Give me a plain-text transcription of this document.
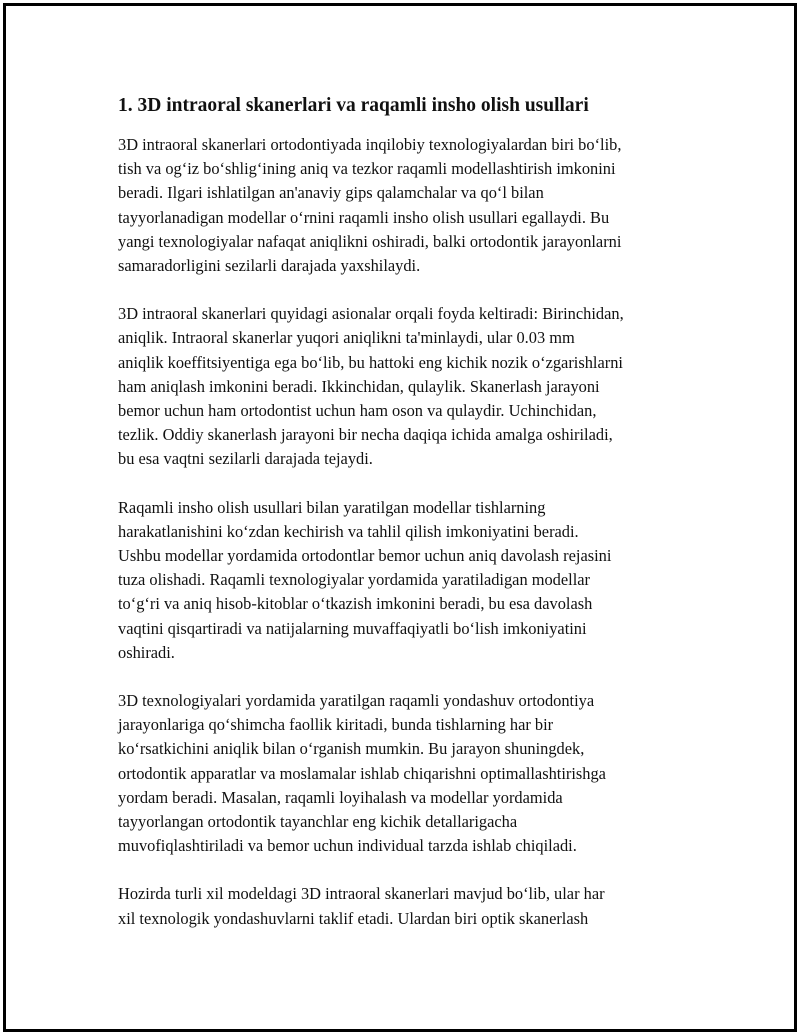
1. 3D intraoral skanerlari va raqamli insho olish usullari

3D intraoral skanerlari ortodontiyada inqilobiy texnologiyalardan biri bo‘lib,
tish va og‘iz bo‘shlig‘ining aniq va tezkor raqamli modellashtirish imkonini
beradi. Ilgari ishlatilgan an'anaviy gips qalamchalar va qo‘l bilan
tayyorlanadigan modellar o‘rnini raqamli insho olish usullari egallaydi. Bu
yangi texnologiyalar nafaqat aniqlikni oshiradi, balki ortodontik jarayonlarni
samaradorligini sezilarli darajada yaxshilaydi.

3D intraoral skanerlari quyidagi asionalar orqali foyda keltiradi: Birinchidan,
aniqlik. Intraoral skanerlar yuqori aniqlikni ta'minlaydi, ular 0.03 mm
aniqlik koeffitsiyentiga ega bo‘lib, bu hattoki eng kichik nozik o‘zgarishlarni
ham aniqlash imkonini beradi. Ikkinchidan, qulaylik. Skanerlash jarayoni
bemor uchun ham ortodontist uchun ham oson va qulaydir. Uchinchidan,
tezlik. Oddiy skanerlash jarayoni bir necha daqiqa ichida amalga oshiriladi,
bu esa vaqtni sezilarli darajada tejaydi.

Raqamli insho olish usullari bilan yaratilgan modellar tishlarning
harakatlanishini ko‘zdan kechirish va tahlil qilish imkoniyatini beradi.
Ushbu modellar yordamida ortodontlar bemor uchun aniq davolash rejasini
tuza olishadi. Raqamli texnologiyalar yordamida yaratiladigan modellar
to‘g‘ri va aniq hisob-kitoblar o‘tkazish imkonini beradi, bu esa davolash
vaqtini qisqartiradi va natijalarning muvaffaqiyatli bo‘lish imkoniyatini
oshiradi.

3D texnologiyalari yordamida yaratilgan raqamli yondashuv ortodontiya
jarayonlariga qo‘shimcha faollik kiritadi, bunda tishlarning har bir
ko‘rsatkichini aniqlik bilan o‘rganish mumkin. Bu jarayon shuningdek,
ortodontik apparatlar va moslamalar ishlab chiqarishni optimallashtirishga
yordam beradi. Masalan, raqamli loyihalash va modellar yordamida
tayyorlangan ortodontik tayanchlar eng kichik detallarigacha
muvofiqlashtiriladi va bemor uchun individual tarzda ishlab chiqiladi.

Hozirda turli xil modeldagi 3D intraoral skanerlari mavjud bo‘lib, ular har
xil texnologik yondashuvlarni taklif etadi. Ulardan biri optik skanerlash
